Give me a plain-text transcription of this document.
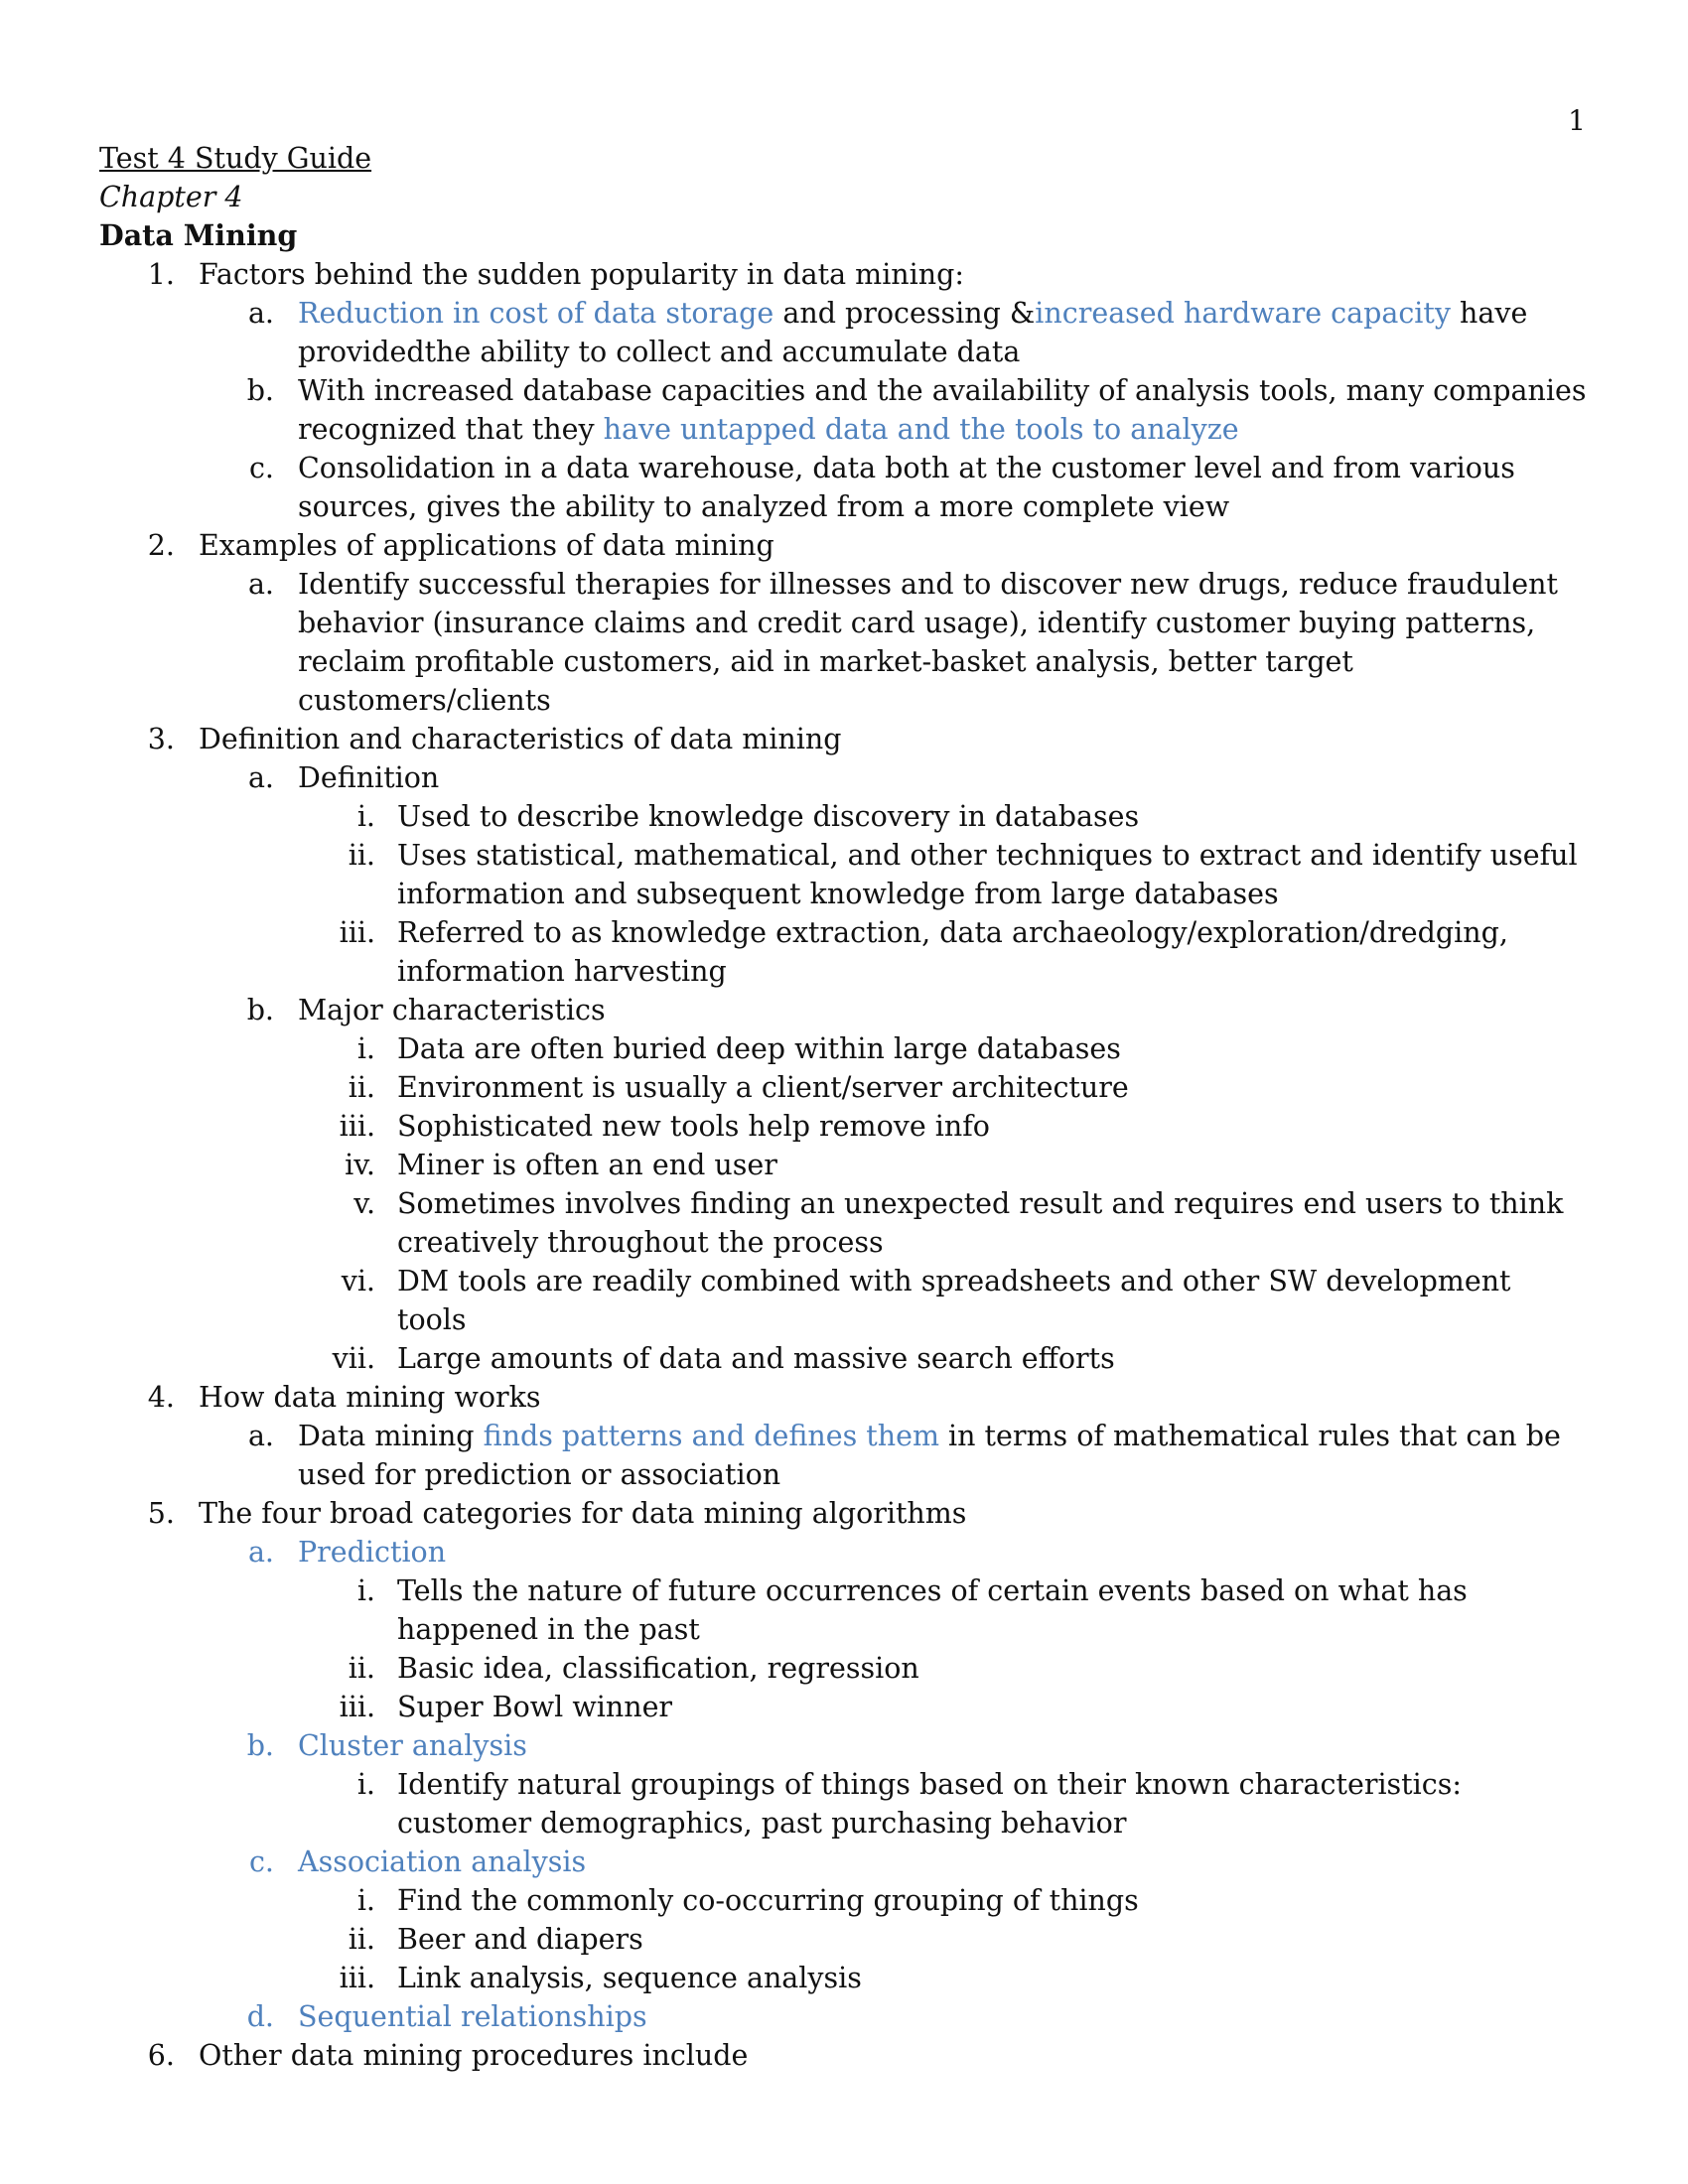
1
Test 4 Study Guide
Chapter 4
Data Mining
1. Factors behind the sudden popularity in data mining:
a. Reduction in cost of data storage and processing &increased hardware capacity have providedthe ability to collect and accumulate data
b. With increased database capacities and the availability of analysis tools, many companies recognized that they have untapped data and the tools to analyze
c. Consolidation in a data warehouse, data both at the customer level and from various sources, gives the ability to analyzed from a more complete view
2. Examples of applications of data mining
a. Identify successful therapies for illnesses and to discover new drugs, reduce fraudulent behavior (insurance claims and credit card usage), identify customer buying patterns, reclaim profitable customers, aid in market-basket analysis, better target customers/clients
3. Definition and characteristics of data mining
a. Definition
i. Used to describe knowledge discovery in databases
ii. Uses statistical, mathematical, and other techniques to extract and identify useful information and subsequent knowledge from large databases
iii. Referred to as knowledge extraction, data archaeology/exploration/dredging, information harvesting
b. Major characteristics
i. Data are often buried deep within large databases
ii. Environment is usually a client/server architecture
iii. Sophisticated new tools help remove info
iv. Miner is often an end user
v. Sometimes involves finding an unexpected result and requires end users to think creatively throughout the process
vi. DM tools are readily combined with spreadsheets and other SW development tools
vii. Large amounts of data and massive search efforts
4. How data mining works
a. Data mining finds patterns and defines them in terms of mathematical rules that can be used for prediction or association
5. The four broad categories for data mining algorithms
a. Prediction
i. Tells the nature of future occurrences of certain events based on what has happened in the past
ii. Basic idea, classification, regression
iii. Super Bowl winner
b. Cluster analysis
i. Identify natural groupings of things based on their known characteristics: customer demographics, past purchasing behavior
c. Association analysis
i. Find the commonly co-occurring grouping of things
ii. Beer and diapers
iii. Link analysis, sequence analysis
d. Sequential relationships
6. Other data mining procedures include
